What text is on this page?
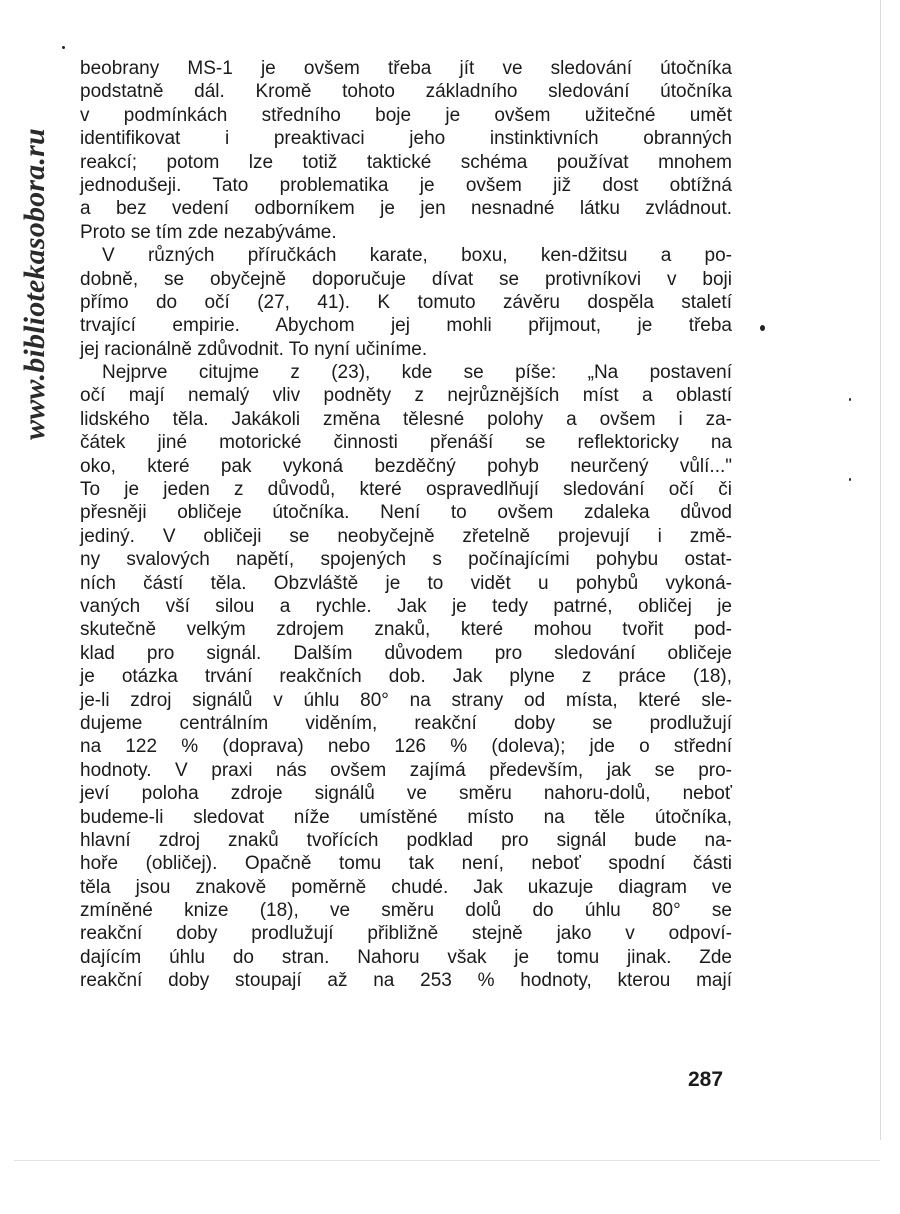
www.bibliotekasobora.ru
beobrany MS-1 je ovšem třeba jít ve sledování útočníka
podstatně dál. Kromě tohoto základního sledování útočníka
v podmínkách středního boje je ovšem užitečné umět
identifikovat i preaktivaci jeho instinktivních obranných
reakcí; potom lze totiž taktické schéma používat mnohem
jednodušeji. Tato problematika je ovšem již dost obtížná
a bez vedení odborníkem je jen nesnadné látku zvládnout.
Proto se tím zde nezabýváme.
V různých příručkách karate, boxu, ken-džitsu a po-
dobně, se obyčejně doporučuje dívat se protivníkovi v boji
přímo do očí (27, 41). K tomuto závěru dospěla staletí
trvající empirie. Abychom jej mohli přijmout, je třeba
jej racionálně zdůvodnit. To nyní učiníme.
Nejprve citujme z (23), kde se píše: „Na postavení
očí mají nemalý vliv podněty z nejrůznějších míst a oblastí
lidského těla. Jakákoli změna tělesné polohy a ovšem i za-
čátek jiné motorické činnosti přenáší se reflektoricky na
oko, které pak vykoná bezděčný pohyb neurčený vůlí..."
To je jeden z důvodů, které ospravedlňují sledování očí či
přesněji obličeje útočníka. Není to ovšem zdaleka důvod
jediný. V obličeji se neobyčejně zřetelně projevují i změ-
ny svalových napětí, spojených s počínajícími pohybu ostat-
ních částí těla. Obzvláště je to vidět u pohybů vykoná-
vaných vší silou a rychle. Jak je tedy patrné, obličej je
skutečně velkým zdrojem znaků, které mohou tvořit pod-
klad pro signál. Dalším důvodem pro sledování obličeje
je otázka trvání reakčních dob. Jak plyne z práce (18),
je-li zdroj signálů v úhlu 80° na strany od místa, které sle-
dujeme centrálním viděním, reakční doby se prodlužují
na 122 % (doprava) nebo 126 % (doleva); jde o střední
hodnoty. V praxi nás ovšem zajímá především, jak se pro-
jeví poloha zdroje signálů ve směru nahoru-dolů, neboť
budeme-li sledovat níže umístěné místo na těle útočníka,
hlavní zdroj znaků tvořících podklad pro signál bude na-
hoře (obličej). Opačně tomu tak není, neboť spodní části
těla jsou znakově poměrně chudé. Jak ukazuje diagram ve
zmíněné knize (18), ve směru dolů do úhlu 80° se
reakční doby prodlužují přibližně stejně jako v odpoví-
dajícím úhlu do stran. Nahoru však je tomu jinak. Zde
reakční doby stoupají až na 253 % hodnoty, kterou mají
287
